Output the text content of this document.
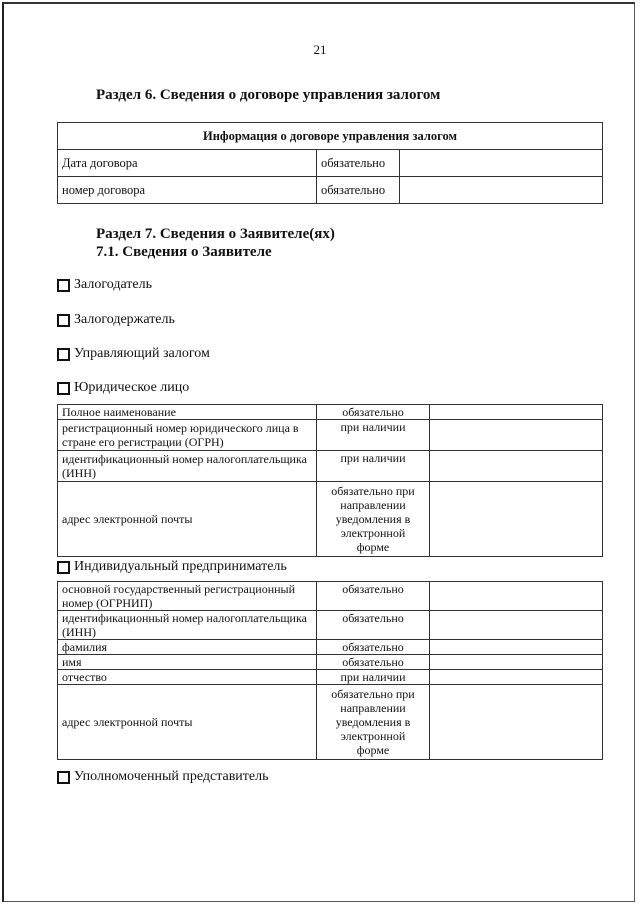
21
Раздел 6. Сведения о договоре управления залогом
Информация о договоре управления залогом		
Дата договора	обязательно	
номер договора	обязательно	
Раздел 7. Сведения о Заявителе(ях)
7.1. Сведения о Заявителе
Залогодатель
Залогодержатель
Управляющий залогом
Юридическое лицо
Полное наименование	обязательно	
регистрационный номер юридического лица в стране его регистрации (ОГРН)	при наличии	
идентификационный номер налогоплательщика (ИНН)	при наличии	
адрес электронной почты	обязательно при направлении уведомления в электронной форме	
Индивидуальный предприниматель
основной государственный регистрационный номер (ОГРНИП)	обязательно	
идентификационный номер налогоплательщика (ИНН)	обязательно	
фамилия	обязательно	
имя	обязательно	
отчество	при наличии	
адрес электронной почты	обязательно при направлении уведомления в электронной форме	
Уполномоченный представитель
